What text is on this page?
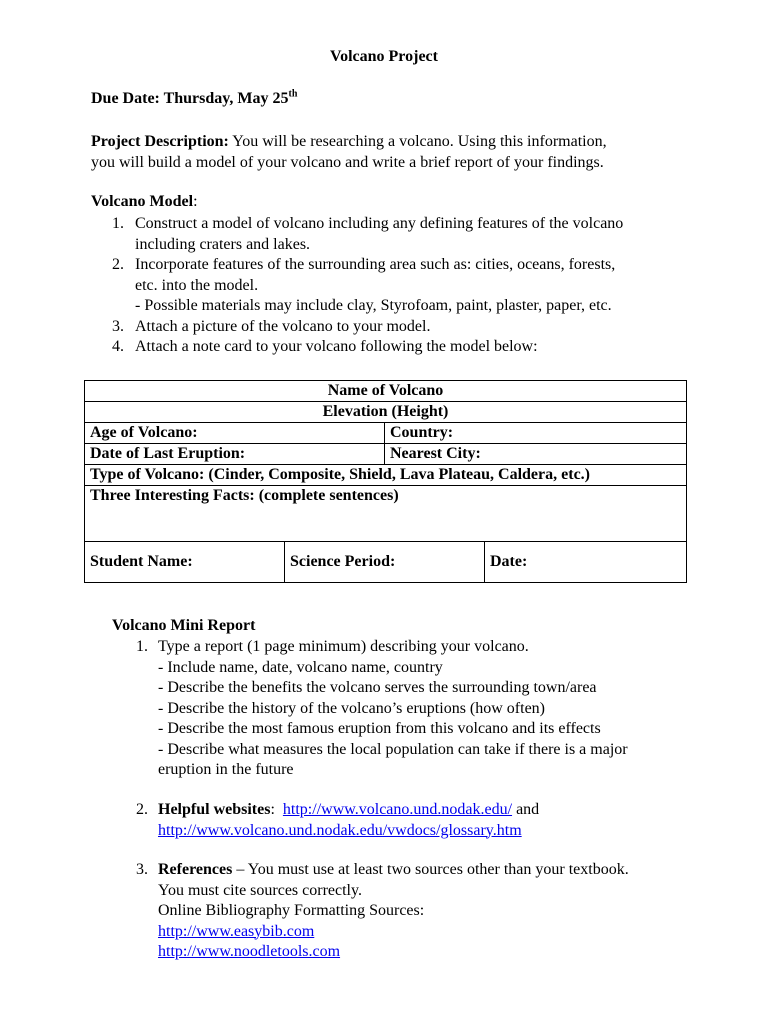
Volcano Project
Due Date: Thursday, May 25th
Project Description: You will be researching a volcano. Using this information,
you will build a model of your volcano and write a brief report of your findings.
Volcano Model:
1. Construct a model of volcano including any defining features of the volcano
including craters and lakes.
2. Incorporate features of the surrounding area such as: cities, oceans, forests,
etc. into the model.
- Possible materials may include clay, Styrofoam, paint, plaster, paper, etc.
3. Attach a picture of the volcano to your model.
4. Attach a note card to your volcano following the model below:
Name of Volcano			
Elevation (Height)			
Age of Volcano:		Country:	
Date of Last Eruption:		Nearest City:	
Type of Volcano: (Cinder, Composite, Shield, Lava Plateau, Caldera, etc.)			
Three Interesting Facts: (complete sentences)			
Student Name:	Science Period:		Date:
Volcano Mini Report
1. Type a report (1 page minimum) describing your volcano.
- Include name, date, volcano name, country
- Describe the benefits the volcano serves the surrounding town/area
- Describe the history of the volcano’s eruptions (how often)
- Describe the most famous eruption from this volcano and its effects
- Describe what measures the local population can take if there is a major
eruption in the future
2. Helpful websites: http://www.volcano.und.nodak.edu/ and
http://www.volcano.und.nodak.edu/vwdocs/glossary.htm
3. References – You must use at least two sources other than your textbook.
You must cite sources correctly.
Online Bibliography Formatting Sources:
http://www.easybib.com
http://www.noodletools.com
